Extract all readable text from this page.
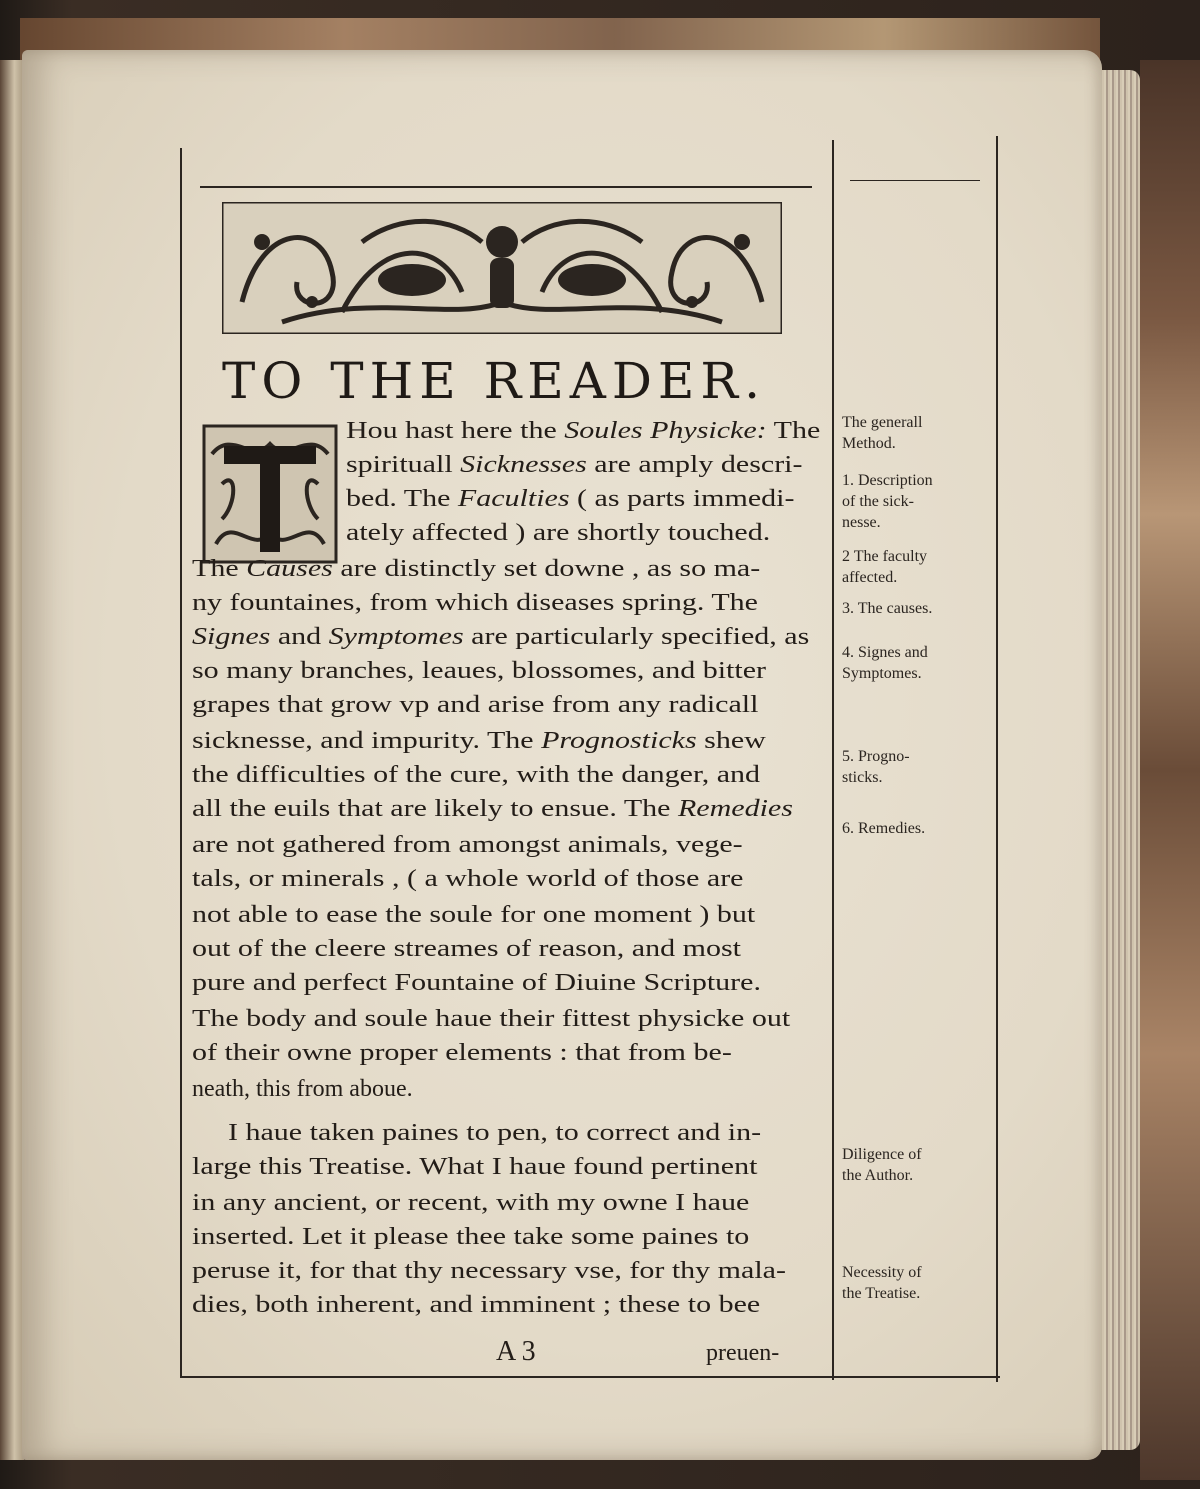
TO THE READER.
Hou hast here the Soules Physicke: The
spirituall Sicknesses are amply descri-
bed. The Faculties ( as parts immedi-
ately affected ) are shortly touched.
The Causes are distinctly set downe , as so ma-
ny fountaines, from which diseases spring. The
Signes and Symptomes are particularly specified, as
so many branches, leaues, blossomes, and bitter
grapes that grow vp and arise from any radicall
sicknesse, and impurity. The Prognosticks shew
the difficulties of the cure, with the danger, and
all the euils that are likely to ensue. The Remedies
are not gathered from amongst animals, vege-
tals, or minerals , ( a whole world of those are
not able to ease the soule for one moment ) but
out of the cleere streames of reason, and most
pure and perfect Fountaine of Diuine Scripture.
The body and soule haue their fittest physicke out
of their owne proper elements : that from be-
neath, this from aboue.
I haue taken paines to pen, to correct and in-
large this Treatise. What I haue found pertinent
in any ancient, or recent, with my owne I haue
inserted. Let it please thee take some paines to
peruse it, for that thy necessary vse, for thy mala-
dies, both inherent, and imminent ; these to bee
The generall
Method.
1. Description
of the sick-
nesse.
2 The faculty
affected.
3. The causes.
4. Signes and
Symptomes.
5. Progno-
sticks.
6. Remedies.
Diligence of
the Author.
Necessity of
the Treatise.
A 3	preuen-
